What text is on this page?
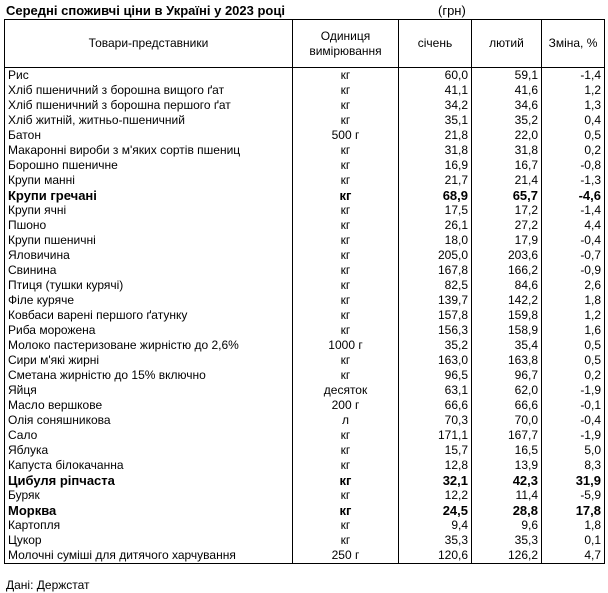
Середні споживчі ціни в Україні у 2023 році	(грн)
Товари-представники	Одиниця вимірювання	січень	лютий	Зміна, %
Рис	кг	60,0	59,1	-1,4
Хліб пшеничний з борошна вищого ґат	кг	41,1	41,6	1,2
Хліб пшеничний з борошна першого ґат	кг	34,2	34,6	1,3
Хліб житній, житньо-пшеничний	кг	35,1	35,2	0,4
Батон	500 г	21,8	22,0	0,5
Макаронні вироби з м'яких сортів пшениц	кг	31,8	31,8	0,2
Борошно пшеничне	кг	16,9	16,7	-0,8
Крупи манні	кг	21,7	21,4	-1,3
Крупи гречані	кг	68,9	65,7	-4,6
Крупи ячні	кг	17,5	17,2	-1,4
Пшоно	кг	26,1	27,2	4,4
Крупи пшеничні	кг	18,0	17,9	-0,4
Яловичина	кг	205,0	203,6	-0,7
Свинина	кг	167,8	166,2	-0,9
Птиця (тушки курячі)	кг	82,5	84,6	2,6
Філе куряче	кг	139,7	142,2	1,8
Ковбаси варені першого ґатунку	кг	157,8	159,8	1,2
Риба морожена	кг	156,3	158,9	1,6
Молоко пастеризоване жирністю до 2,6%	1000 г	35,2	35,4	0,5
Сири м'які жирні	кг	163,0	163,8	0,5
Сметана жирністю до 15% включно	кг	96,5	96,7	0,2
Яйця	десяток	63,1	62,0	-1,9
Масло вершкове	200 г	66,6	66,6	-0,1
Олія соняшникова	л	70,3	70,0	-0,4
Сало	кг	171,1	167,7	-1,9
Яблука	кг	15,7	16,5	5,0
Капуста білокачанна	кг	12,8	13,9	8,3
Цибуля ріпчаста	кг	32,1	42,3	31,9
Буряк	кг	12,2	11,4	-5,9
Морква	кг	24,5	28,8	17,8
Картопля	кг	9,4	9,6	1,8
Цукор	кг	35,3	35,3	0,1
Молочні суміші для дитячого харчування	250 г	120,6	126,2	4,7
Дані: Держстат
